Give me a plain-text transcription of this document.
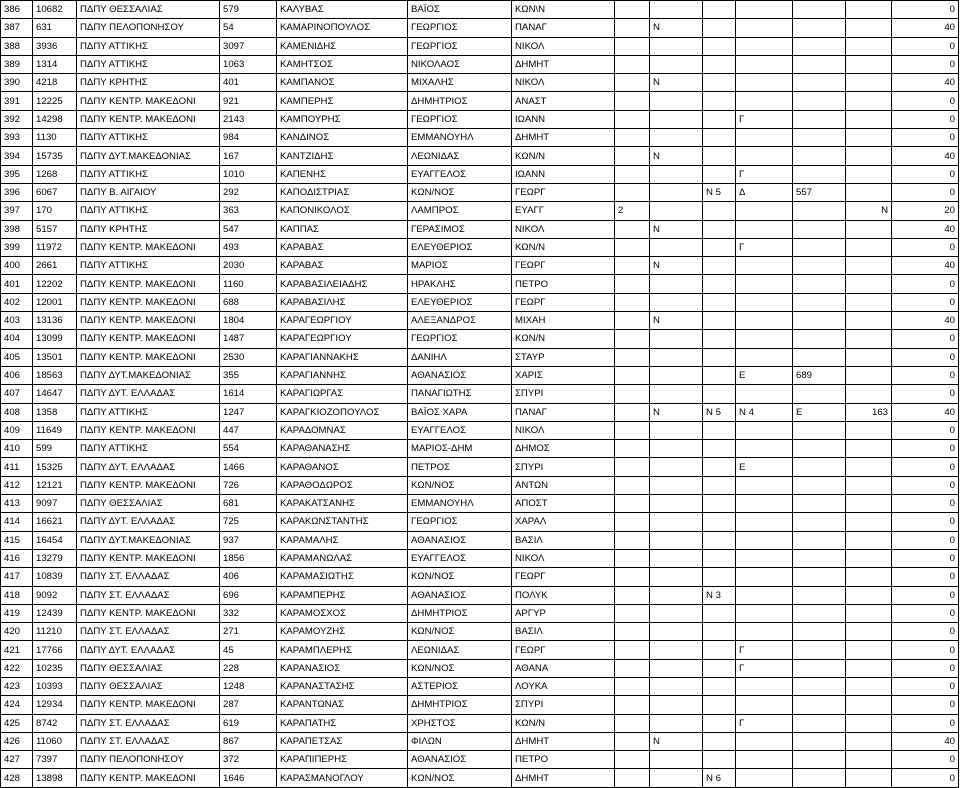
386	10682	ΠΔΠΥ ΘΕΣΣΑΛΙΑΣ	579	ΚΑΛΥΒΑΣ	ΒΑΪΟΣ	ΚΩΝ\Ν							0
387	631	ΠΔΠΥ ΠΕΛΟΠΟΝΗΣΟΥ	54	ΚΑΜΑΡΙΝΟΠΟΥΛΟΣ	ΓΕΩΡΓΙΟΣ	ΠΑΝΑΓ		Ν					40
388	3936	ΠΔΠΥ ΑΤΤΙΚΗΣ	3097	ΚΑΜΕΝΙΔΗΣ	ΓΕΩΡΓΙΟΣ	ΝΙΚΟΛ							0
389	1314	ΠΔΠΥ ΑΤΤΙΚΗΣ	1063	ΚΑΜΗΤΣΟΣ	ΝΙΚΟΛΑΟΣ	ΔΗΜΗΤ							0
390	4218	ΠΔΠΥ ΚΡΗΤΗΣ	401	ΚΑΜΠΑΝΟΣ	ΜΙΧΑΛΗΣ	ΝΙΚΟΛ		Ν					40
391	12225	ΠΔΠΥ ΚΕΝΤΡ. ΜΑΚΕΔΟΝΙ	921	ΚΑΜΠΕΡΗΣ	ΔΗΜΗΤΡΙΟΣ	ΑΝΑΣΤ							0
392	14298	ΠΔΠΥ ΚΕΝΤΡ. ΜΑΚΕΔΟΝΙ	2143	ΚΑΜΠΟΥΡΗΣ	ΓΕΩΡΓΙΟΣ	ΙΩΑΝΝ				Γ			0
393	1130	ΠΔΠΥ ΑΤΤΙΚΗΣ	984	ΚΑΝΔΙΝΟΣ	ΕΜΜΑΝΟΥΗΛ	ΔΗΜΗΤ							0
394	15735	ΠΔΠΥ ΔΥΤ.ΜΑΚΕΔΟΝΙΑΣ	167	ΚΑΝΤΖΙΔΗΣ	ΛΕΩΝΙΔΑΣ	ΚΩΝ/Ν		Ν					40
395	1268	ΠΔΠΥ ΑΤΤΙΚΗΣ	1010	ΚΑΠΕΝΗΣ	ΕΥΑΓΓΕΛΟΣ	ΙΩΑΝΝ				Γ			0
396	6067	ΠΔΠΥ Β. ΑΙΓΑΙΟΥ	292	ΚΑΠΟΔΙΣΤΡΙΑΣ	ΚΩΝ/ΝΟΣ	ΓΕΩΡΓ			Ν 5	Δ	557		0
397	170	ΠΔΠΥ ΑΤΤΙΚΗΣ	363	ΚΑΠΟΝΙΚΟΛΟΣ	ΛΑΜΠΡΟΣ	ΕΥΑΓΓ	2					Ν	20
398	5157	ΠΔΠΥ ΚΡΗΤΗΣ	547	ΚΑΠΠΑΣ	ΓΕΡΑΣΙΜΟΣ	ΝΙΚΟΛ		Ν					40
399	11972	ΠΔΠΥ ΚΕΝΤΡ. ΜΑΚΕΔΟΝΙ	493	ΚΑΡΑΒΑΣ	ΕΛΕΥΘΕΡΙΟΣ	ΚΩΝ/Ν				Γ			0
400	2661	ΠΔΠΥ ΑΤΤΙΚΗΣ	2030	ΚΑΡΑΒΑΣ	ΜΑΡΙΟΣ	ΓΕΩΡΓ		Ν					40
401	12202	ΠΔΠΥ ΚΕΝΤΡ. ΜΑΚΕΔΟΝΙ	1160	ΚΑΡΑΒΑΣΙΛΕΙΑΔΗΣ	ΗΡΑΚΛΗΣ	ΠΕΤΡΟ							0
402	12001	ΠΔΠΥ ΚΕΝΤΡ. ΜΑΚΕΔΟΝΙ	688	ΚΑΡΑΒΑΣΙΛΗΣ	ΕΛΕΥΘΕΡΙΟΣ	ΓΕΩΡΓ							0
403	13136	ΠΔΠΥ ΚΕΝΤΡ. ΜΑΚΕΔΟΝΙ	1804	ΚΑΡΑΓΕΩΡΓΙΟΥ	ΑΛΕΞΑΝΔΡΟΣ	ΜΙΧΑΗ		Ν					40
404	13099	ΠΔΠΥ ΚΕΝΤΡ. ΜΑΚΕΔΟΝΙ	1487	ΚΑΡΑΓΕΩΡΓΙΟΥ	ΓΕΩΡΓΙΟΣ	ΚΩΝ/Ν							0
405	13501	ΠΔΠΥ ΚΕΝΤΡ. ΜΑΚΕΔΟΝΙ	2530	ΚΑΡΑΓΙΑΝΝΑΚΗΣ	ΔΑΝΙΗΛ	ΣΤΑΥΡ							0
406	18563	ΠΔΠΥ ΔΥΤ.ΜΑΚΕΔΟΝΙΑΣ	355	ΚΑΡΑΓΙΑΝΝΗΣ	ΑΘΑΝΑΣΙΟΣ	ΧΑΡΙΣ				Ε	689		0
407	14647	ΠΔΠΥ ΔΥΤ. ΕΛΛΑΔΑΣ	1614	ΚΑΡΑΓΙΩΡΓΑΣ	ΠΑΝΑΓΙΩΤΗΣ	ΣΠΥΡΙ							0
408	1358	ΠΔΠΥ ΑΤΤΙΚΗΣ	1247	ΚΑΡΑΓΚΙΟΖΟΠΟΥΛΟΣ	ΒΑΪΟΣ ΧΑΡΑ	ΠΑΝΑΓ		Ν	Ν 5	Ν 4	Ε	163	40
409	11649	ΠΔΠΥ ΚΕΝΤΡ. ΜΑΚΕΔΟΝΙ	447	ΚΑΡΑΔΟΜΝΑΣ	ΕΥΑΓΓΕΛΟΣ	ΝΙΚΟΛ							0
410	599	ΠΔΠΥ ΑΤΤΙΚΗΣ	554	ΚΑΡΑΘΑΝΑΣΗΣ	ΜΑΡΙΟΣ-ΔΗΜ	ΔΗΜΟΣ							0
411	15325	ΠΔΠΥ ΔΥΤ. ΕΛΛΑΔΑΣ	1466	ΚΑΡΑΘΑΝΟΣ	ΠΕΤΡΟΣ	ΣΠΥΡΙ				Ε			0
412	12121	ΠΔΠΥ ΚΕΝΤΡ. ΜΑΚΕΔΟΝΙ	726	ΚΑΡΑΘΟΔΩΡΟΣ	ΚΩΝ/ΝΟΣ	ΑΝΤΩΝ							0
413	9097	ΠΔΠΥ ΘΕΣΣΑΛΙΑΣ	681	ΚΑΡΑΚΑΤΣΑΝΗΣ	ΕΜΜΑΝΟΥΗΛ	ΑΠΟΣΤ							0
414	16621	ΠΔΠΥ ΔΥΤ. ΕΛΛΑΔΑΣ	725	ΚΑΡΑΚΩΝΣΤΑΝΤΗΣ	ΓΕΩΡΓΙΟΣ	ΧΑΡΑΛ							0
415	16454	ΠΔΠΥ ΔΥΤ.ΜΑΚΕΔΟΝΙΑΣ	937	ΚΑΡΑΜΑΛΗΣ	ΑΘΑΝΑΣΙΟΣ	ΒΑΣΙΛ							0
416	13279	ΠΔΠΥ ΚΕΝΤΡ. ΜΑΚΕΔΟΝΙ	1856	ΚΑΡΑΜΑΝΩΛΑΣ	ΕΥΑΓΓΕΛΟΣ	ΝΙΚΟΛ							0
417	10839	ΠΔΠΥ ΣΤ. ΕΛΛΑΔΑΣ	406	ΚΑΡΑΜΑΣΙΩΤΗΣ	ΚΩΝ/ΝΟΣ	ΓΕΩΡΓ							0
418	9092	ΠΔΠΥ ΣΤ. ΕΛΛΑΔΑΣ	696	ΚΑΡΑΜΠΕΡΗΣ	ΑΘΑΝΑΣΙΟΣ	ΠΟΛΥΚ			Ν 3				0
419	12439	ΠΔΠΥ ΚΕΝΤΡ. ΜΑΚΕΔΟΝΙ	332	ΚΑΡΑΜΟΣΧΟΣ	ΔΗΜΗΤΡΙΟΣ	ΑΡΓΥΡ							0
420	11210	ΠΔΠΥ ΣΤ. ΕΛΛΑΔΑΣ	271	ΚΑΡΑΜΟΥΖΗΣ	ΚΩΝ/ΝΟΣ	ΒΑΣΙΛ							0
421	17766	ΠΔΠΥ ΔΥΤ. ΕΛΛΑΔΑΣ	45	ΚΑΡΑΜΠΛΕΡΗΣ	ΛΕΩΝΙΔΑΣ	ΓΕΩΡΓ				Γ			0
422	10235	ΠΔΠΥ ΘΕΣΣΑΛΙΑΣ	228	ΚΑΡΑΝΑΣΙΟΣ	ΚΩΝ/ΝΟΣ	ΑΘΑΝΑ				Γ			0
423	10393	ΠΔΠΥ ΘΕΣΣΑΛΙΑΣ	1248	ΚΑΡΑΝΑΣΤΑΣΗΣ	ΑΣΤΕΡΙΟΣ	ΛΟΥΚΑ							0
424	12934	ΠΔΠΥ ΚΕΝΤΡ. ΜΑΚΕΔΟΝΙ	287	ΚΑΡΑΝΤΩΝΑΣ	ΔΗΜΗΤΡΙΟΣ	ΣΠΥΡΙ							0
425	8742	ΠΔΠΥ ΣΤ. ΕΛΛΑΔΑΣ	619	ΚΑΡΑΠΑΤΗΣ	ΧΡΗΣΤΟΣ	ΚΩΝ/Ν				Γ			0
426	11060	ΠΔΠΥ ΣΤ. ΕΛΛΑΔΑΣ	867	ΚΑΡΑΠΕΤΣΑΣ	ΦΙΛΩΝ	ΔΗΜΗΤ		Ν					40
427	7397	ΠΔΠΥ ΠΕΛΟΠΟΝΗΣΟΥ	372	ΚΑΡΑΠΙΠΕΡΗΣ	ΑΘΑΝΑΣΙΟΣ	ΠΕΤΡΟ							0
428	13898	ΠΔΠΥ ΚΕΝΤΡ. ΜΑΚΕΔΟΝΙ	1646	ΚΑΡΑΣΜΑΝΟΓΛΟΥ	ΚΩΝ/ΝΟΣ	ΔΗΜΗΤ			Ν 6				0
